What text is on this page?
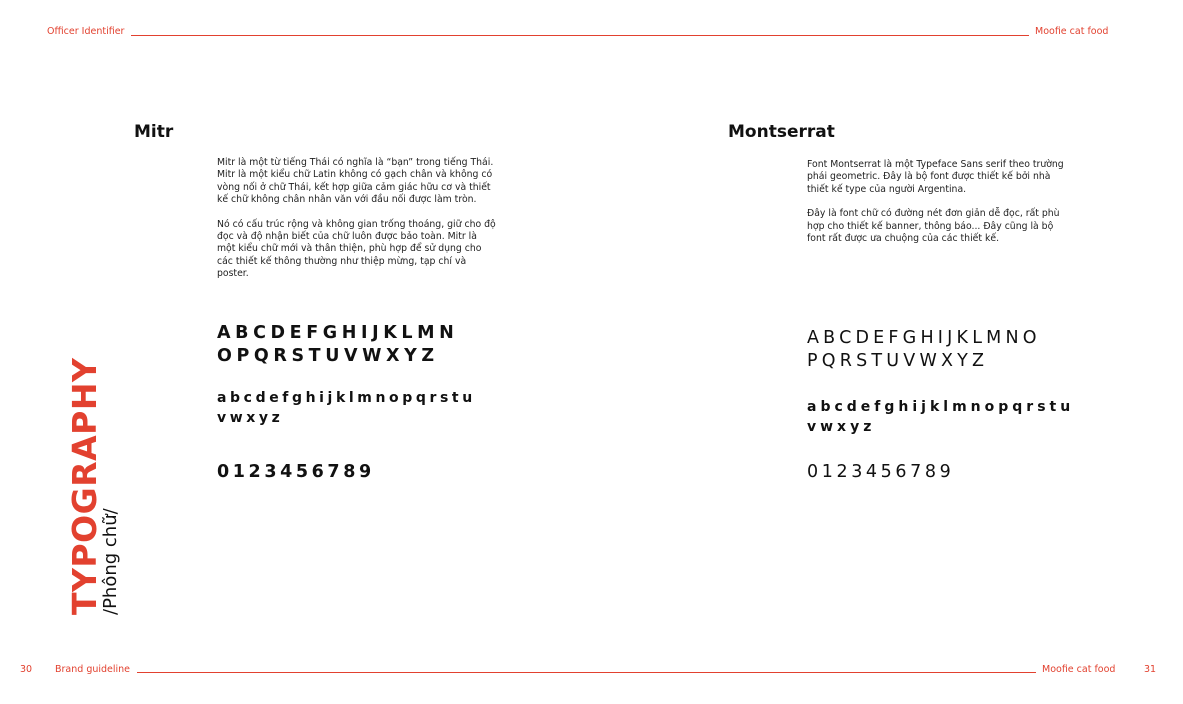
Officer Identifier	Moofie cat food
Mitr

Mitr là một từ tiếng Thái có nghĩa là “bạn” trong tiếng Thái. Mitr là một kiểu chữ Latin không có gạch chân và không có vòng nối ở chữ Thái, kết hợp giữa cảm giác hữu cơ và thiết kế chữ không chân nhân văn với đầu nối được làm tròn.

Nó có cấu trúc rộng và không gian trống thoáng, giữ cho độ đọc và độ nhận biết của chữ luôn được bảo toàn. Mitr là một kiểu chữ mới và thân thiện, phù hợp để sử dụng cho các thiết kế thông thường như thiệp mừng, tạp chí và poster.

ABCDEFGHIJKLMN
OPQRSTUVWXYZ
abcdefghijklmnopqrstu
vwxyz
0123456789
Montserrat

Font Montserrat là một Typeface Sans serif theo trường phái geometric. Đây là bộ font được thiết kế bởi nhà thiết kế type của người Argentina.

Đây là font chữ có đường nét đơn giản dễ đọc, rất phù hợp cho thiết kế banner, thông báo... Đây cũng là bộ font rất được ưa chuộng của các thiết kế.

ABCDEFGHIJKLMNO
PQRSTUVWXYZ
abcdefghijklmnopqrstu
vwxyz
0123456789
TYPOGRAPHY
/Phông chữ/
30 Brand guideline	Moofie cat food	31
